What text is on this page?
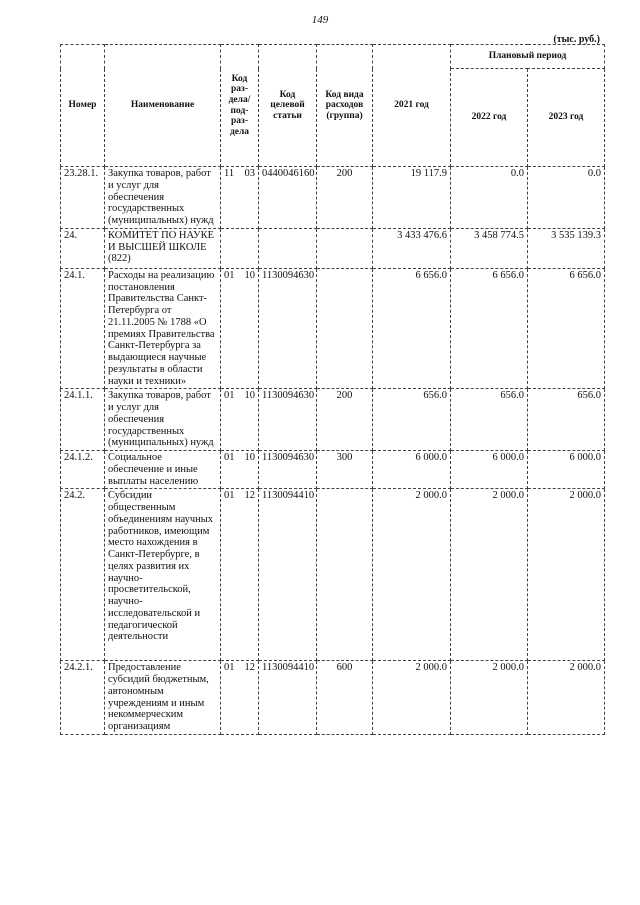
149
(тыс. руб.)
Номер	Наименование	Код раз-дела/ под-раз-дела	Код целевой статьи	Код вида расходов (группа)	2021 год	Плановый период	
						2022 год	2023 год
23.28.1.	Закупка товаров, работ и услуг для обеспечения государственных (муниципальных) нужд	11 03	0440046160	200	19 117.9	0.0	0.0
24.	КОМИТЕТ ПО НАУКЕ И ВЫСШЕЙ ШКОЛЕ (822)				3 433 476.6	3 458 774.5	3 535 139.3
24.1.	Расходы на реализацию постановления Правительства Санкт-Петербурга от 21.11.2005 № 1788 «О премиях Правительства Санкт-Петербурга за выдающиеся научные результаты в области науки и техники»	01 10	1130094630		6 656.0	6 656.0	6 656.0
24.1.1.	Закупка товаров, работ и услуг для обеспечения государственных (муниципальных) нужд	01 10	1130094630	200	656.0	656.0	656.0
24.1.2.	Социальное обеспечение и иные выплаты населению	01 10	1130094630	300	6 000.0	6 000.0	6 000.0
24.2.	Субсидии общественным объединениям научных работников, имеющим место нахождения в Санкт-Петербурге, в целях развития их научно-просветительской, научно-исследовательской и педагогической деятельности	01 12	1130094410		2 000.0	2 000.0	2 000.0
24.2.1.	Предоставление субсидий бюджетным, автономным учреждениям и иным некоммерческим организациям	01 12	1130094410	600	2 000.0	2 000.0	2 000.0
